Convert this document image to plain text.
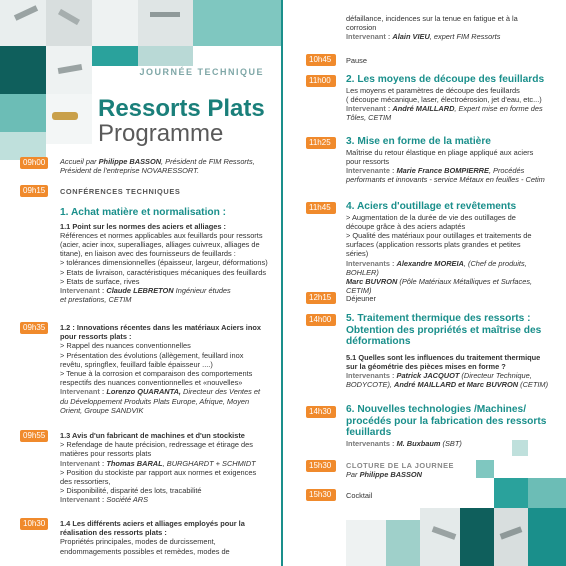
JOURNÉE TECHNIQUE
Ressorts Plats
Programme
09h00	Accueil par Philippe BASSON, Président de FIM Ressorts,

Président de l'entreprise NOVARESSORT.

09h15	CONFÉRENCES TECHNIQUES

1. Achat matière et normalisation :

1.1 Point sur les normes des aciers et alliages :

Références et normes applicables aux feuillards pour ressorts

(acier, acier inox, superalliages, alliages cuivreux, alliages de

titane), en liaison avec des fournisseurs de feuillards :

> tolérances dimensionnelles (épaisseur, largeur, déformations)

> Etats de livraison, caractéristiques mécaniques des feuillards

> Etats de surface, rives

Intervenant : Claude LEBRETON Ingénieur études

et prestations, CETIM

09h35	1.2 : Innovations récentes dans les matériaux Aciers inox

pour ressorts plats :

> Rappel des nuances conventionnelles

> Présentation des évolutions (allègement, feuillard inox

revêtu, springflex, feuillard faible épaisseur ....)

> Tenue à la corrosion et comparaison des comportements

respectifs des nuances conventionnelles et «nouvelles»

Intervenant : Lorenzo QUARANTA, Directeur des Ventes et

du Développement Produits Plats Europe, Afrique, Moyen

Orient, Groupe SANDVIK

09h55	1.3 Avis d'un fabricant de machines et d'un stockiste

> Refendage de haute précision, redressage et étirage des

matières pour ressorts plats

Intervenant : Thomas BARAL, BURGHARDT + SCHMIDT

> Position du stockiste par rapport aux normes et exigences

des ressortiers,

> Disponibilité, disparité des lots, tracabilité

Intervenant : Société ARS

10h30	1.4 Les différents aciers et alliages employés pour la

réalisation des ressorts plats :

Propriétés principales, modes de durcissement,

endommagements possibles et remèdes, modes de

défaillance, incidences sur la tenue en fatigue et à la

corrosion

Intervenant : Alain VIEU, expert FIM Ressorts

10h45	Pause
11h00	2. Les moyens de découpe des feuillards

Les moyens et paramètres de découpe des feuillards

( découpe mécanique, laser, électroérosion, jet d'eau, etc...)

Intervenant : André MAILLARD, Expert mise en forme des

Tôles, CETIM

11h25	3. Mise en forme de la matière

Maîtrise du retour élastique en pliage appliqué aux aciers

pour ressorts

Intervenante : Marie France BOMPIERRE, Procédés

performants et innovants - service Métaux en feuilles - Cetim

11h45	4. Aciers d'outillage et revêtements

> Augmentation de la durée de vie des outillages de

découpe grâce à des aciers adaptés

> Qualité des matériaux pour outillages et traitements de

surfaces (application ressorts plats grandes et petites

séries)

Intervenants : Alexandre MOREIA, (Chef de produits, BOHLER)

Marc BUVRON (Pôle Matériaux Métalliques et Surfaces, CETIM)

12h15	Déjeuner
14h00	5. Traitement thermique des ressorts :

Obtention des propriétés et maîtrise des

déformations

5.1 Quelles sont les influences du traitement thermique

sur la géométrie des pièces mises en forme ?

Intervenants : Patrick JACQUOT (Directeur Technique,

BODYCOTE), André MAILLARD et Marc BUVRON (CETIM)

14h30	6. Nouvelles technologies /Machines/

procédés pour la fabrication des ressorts

feuillards

Intervenants : M. Buxbaum (SBT)

15h30	CLOTURE DE LA JOURNEE

Par Philippe BASSON

15h30	Cocktail
